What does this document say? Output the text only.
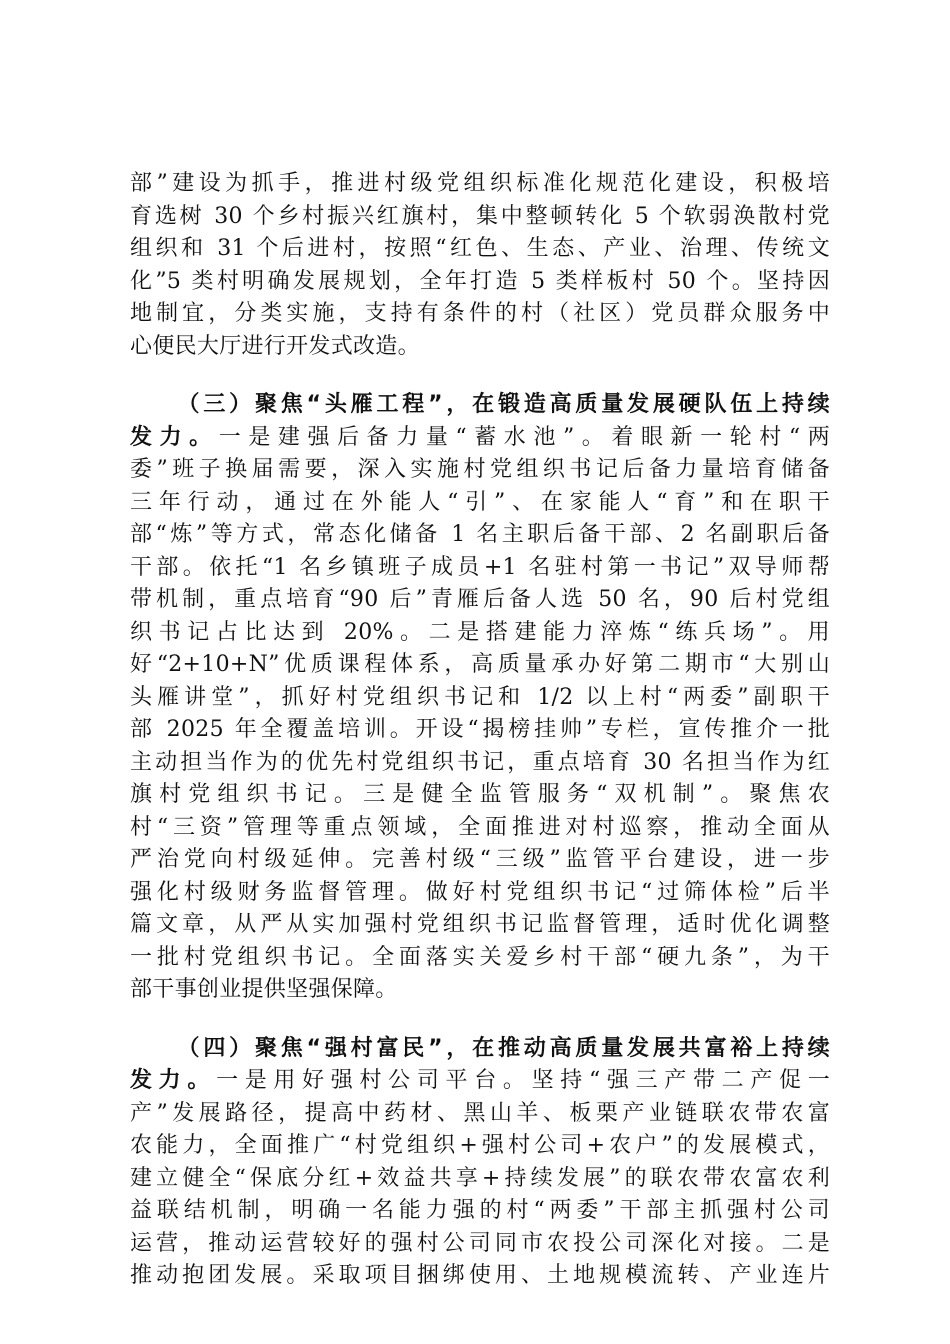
部”建设为抓手，推进村级党组织标准化规范化建设，积极培
育选树 30 个乡村振兴红旗村，集中整顿转化 5 个软弱涣散村党
组织和 31 个后进村，按照“红色、生态、产业、治理、传统文
化”5 类村明确发展规划，全年打造 5 类样板村 50 个。坚持因
地制宜，分类实施，支持有条件的村（社区）党员群众服务中
心便民大厅进行开发式改造。

（三）聚焦“头雁工程”，在锻造高质量发展硬队伍上持续
发力。一是建强后备力量“蓄水池”。着眼新一轮村“两
委”班子换届需要，深入实施村党组织书记后备力量培育储备
三年行动，通过在外能人“引”、在家能人“育”和在职干
部“炼”等方式，常态化储备 1 名主职后备干部、2 名副职后备
干部。依托“1 名乡镇班子成员+1 名驻村第一书记”双导师帮
带机制，重点培育“90 后”青雁后备人选 50 名，90 后村党组
织书记占比达到 20%。二是搭建能力淬炼“练兵场”。用
好“2+10+N”优质课程体系，高质量承办好第二期市“大别山
头雁讲堂”，抓好村党组织书记和 1/2 以上村“两委”副职干
部 2025 年全覆盖培训。开设“揭榜挂帅”专栏，宣传推介一批
主动担当作为的优先村党组织书记，重点培育 30 名担当作为红
旗村党组织书记。三是健全监管服务“双机制”。聚焦农
村“三资”管理等重点领域，全面推进对村巡察，推动全面从
严治党向村级延伸。完善村级“三级”监管平台建设，进一步
强化村级财务监督管理。做好村党组织书记“过筛体检”后半
篇文章，从严从实加强村党组织书记监督管理，适时优化调整
一批村党组织书记。全面落实关爱乡村干部“硬九条”，为干
部干事创业提供坚强保障。

（四）聚焦“强村富民”，在推动高质量发展共富裕上持续
发力。一是用好强村公司平台。坚持“强三产带二产促一
产”发展路径，提高中药材、黑山羊、板栗产业链联农带农富
农能力，全面推广“村党组织+强村公司+农户”的发展模式，
建立健全“保底分红+效益共享+持续发展”的联农带农富农利
益联结机制，明确一名能力强的村“两委”干部主抓强村公司
运营，推动运营较好的强村公司同市农投公司深化对接。二是
推动抱团发展。采取项目捆绑使用、土地规模流转、产业连片
